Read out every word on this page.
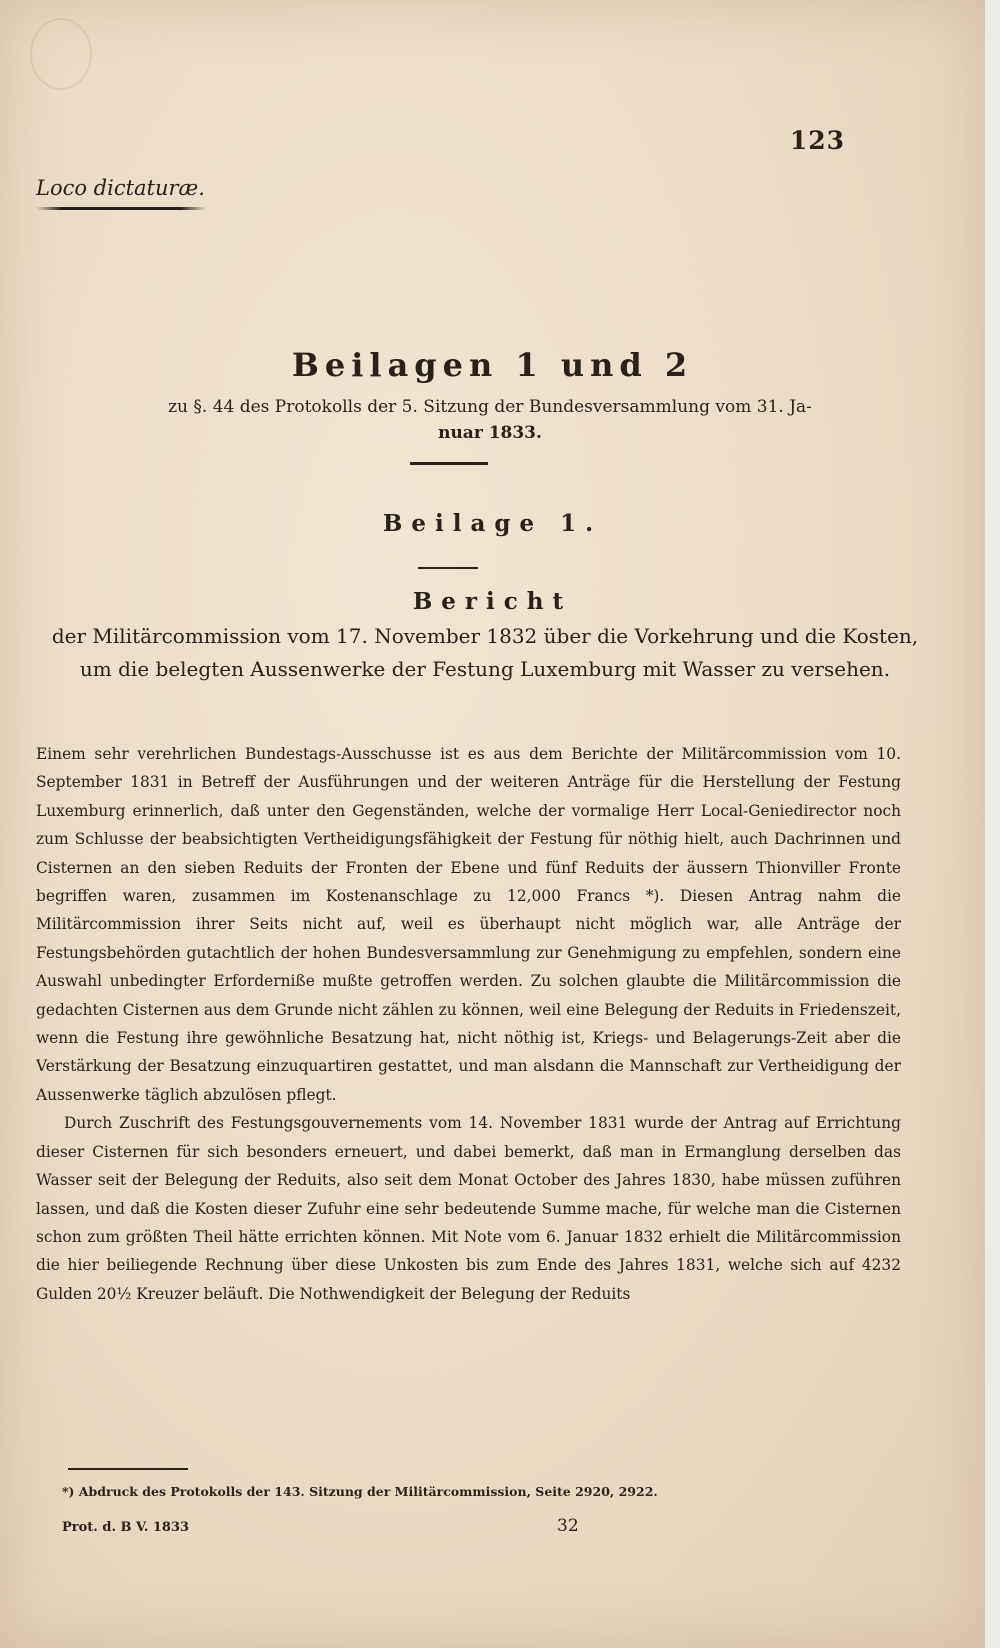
123
Loco dictaturæ.
Beilagen 1 und 2
zu §. 44 des Protokolls der 5. Sitzung der Bundesversammlung vom 31. Ja-
nuar 1833.
Beilage 1.
Bericht
der Militärcommission vom 17. November 1832 über die Vorkehrung und die Kosten,
um die belegten Aussenwerke der Festung Luxemburg mit Wasser zu versehen.

Einem sehr verehrlichen Bundestags-Ausschusse ist es aus dem Berichte der Militärcommission vom 10. September 1831 in Betreff der Ausführungen und der weiteren Anträge für die Herstellung der Festung Luxemburg erinnerlich, daß unter den Gegenständen, welche der vormalige Herr Local-Geniedirector noch zum Schlusse der beabsichtigten Vertheidigungsfähigkeit der Festung für nöthig hielt, auch Dachrinnen und Cisternen an den sieben Reduits der Fronten der Ebene und fünf Reduits der äussern Thionviller Fronte begriffen waren, zusammen im Kostenanschlage zu 12,000 Francs *). Diesen Antrag nahm die Militärcommission ihrer Seits nicht auf, weil es überhaupt nicht möglich war, alle Anträge der Festungsbehörden gutachtlich der hohen Bundesversammlung zur Genehmigung zu empfehlen, sondern eine Auswahl unbedingter Erforderniße mußte getroffen werden. Zu solchen glaubte die Militärcommission die gedachten Cisternen aus dem Grunde nicht zählen zu können, weil eine Belegung der Reduits in Friedenszeit, wenn die Festung ihre gewöhnliche Besatzung hat, nicht nöthig ist, Kriegs- und Belagerungs-Zeit aber die Verstärkung der Besatzung einzuquartiren gestattet, und man alsdann die Mannschaft zur Vertheidigung der Aussenwerke täglich abzulösen pflegt.

Durch Zuschrift des Festungsgouvernements vom 14. November 1831 wurde der Antrag auf Errichtung dieser Cisternen für sich besonders erneuert, und dabei bemerkt, daß man in Ermanglung derselben das Wasser seit der Belegung der Reduits, also seit dem Monat October des Jahres 1830, habe müssen zuführen lassen, und daß die Kosten dieser Zufuhr eine sehr bedeutende Summe mache, für welche man die Cisternen schon zum größten Theil hätte errichten können. Mit Note vom 6. Januar 1832 erhielt die Militärcommission die hier beiliegende Rechnung über diese Unkosten bis zum Ende des Jahres 1831, welche sich auf 4232 Gulden 20½ Kreuzer beläuft. Die Nothwendigkeit der Belegung der Reduits

*) Abdruck des Protokolls der 143. Sitzung der Militärcommission, Seite 2920, 2922.
Prot. d. B V. 1833	32
